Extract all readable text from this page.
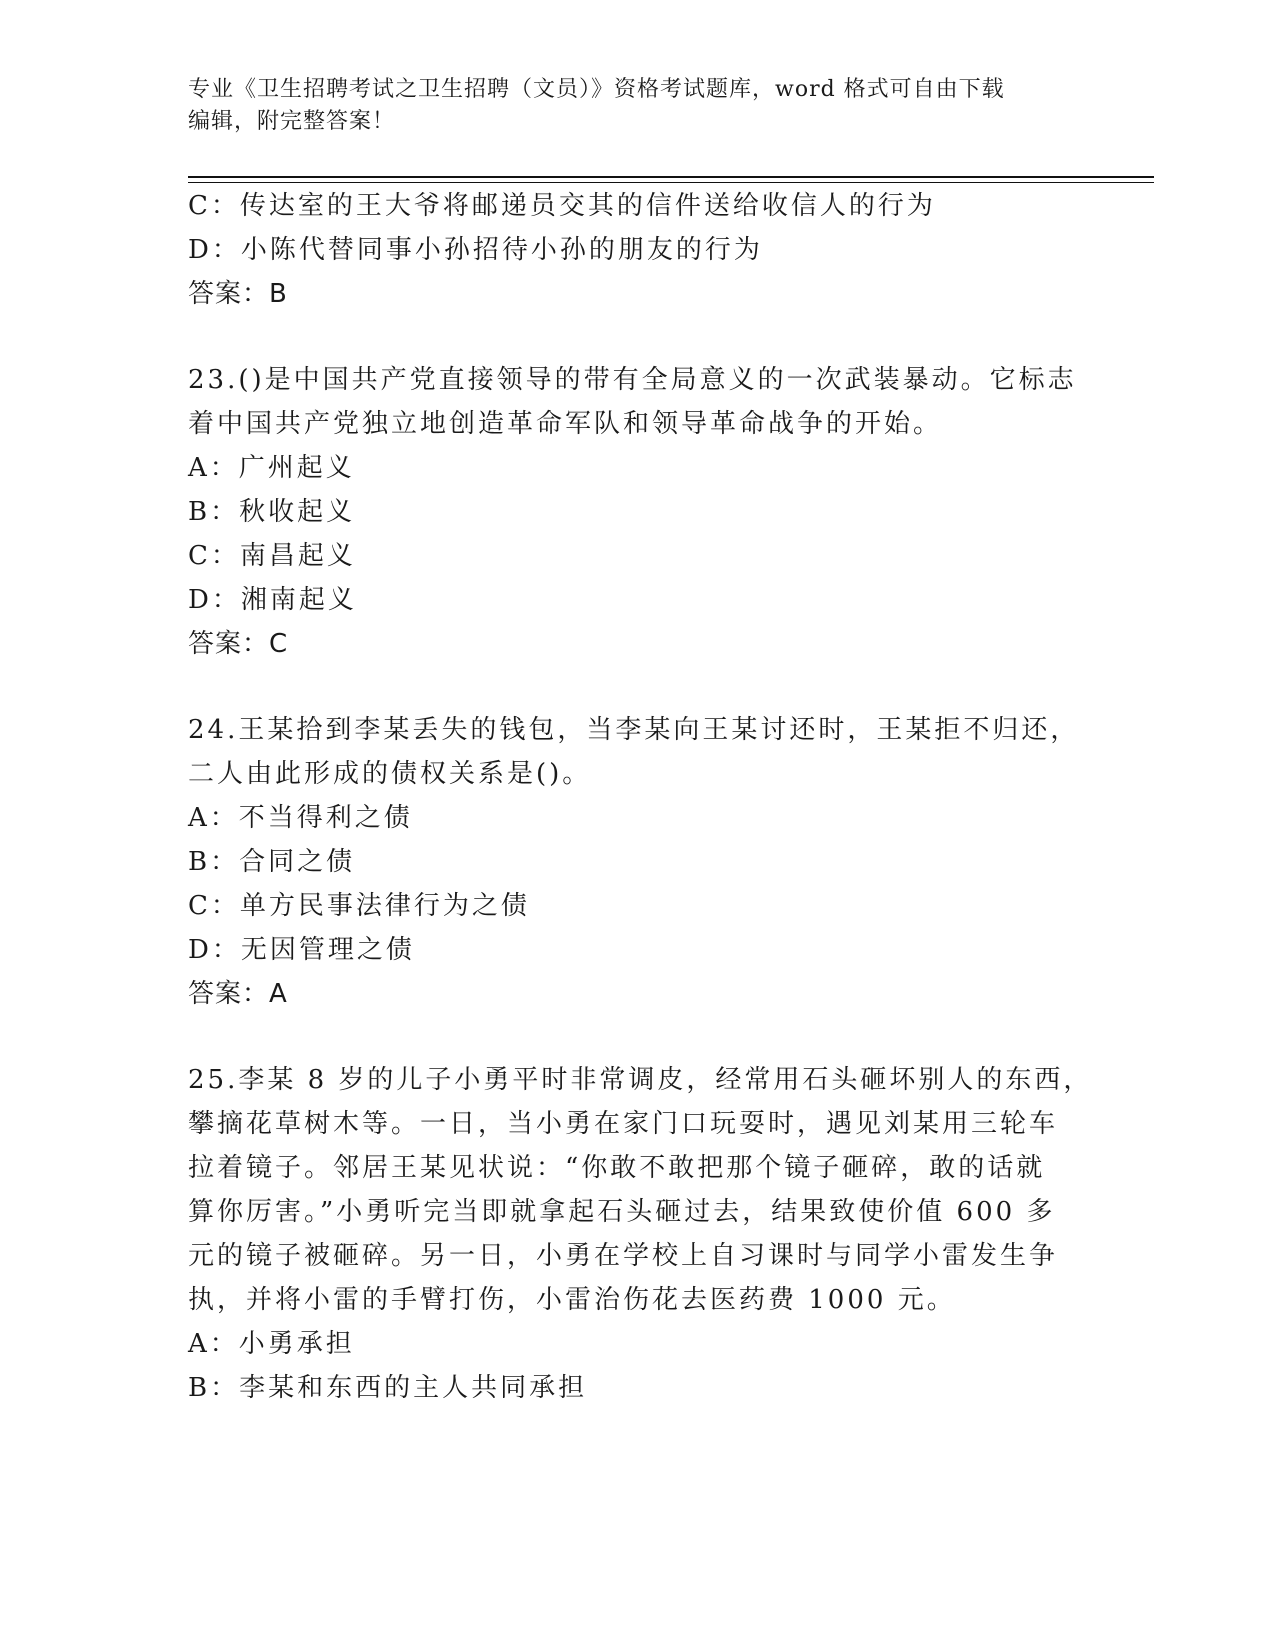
专业《卫生招聘考试之卫生招聘（文员）》资格考试题库，word 格式可自由下载
编辑，附完整答案！
C：传达室的王大爷将邮递员交其的信件送给收信人的行为
D：小陈代替同事小孙招待小孙的朋友的行为
答案：B
23.()是中国共产党直接领导的带有全局意义的一次武装暴动。它标志
着中国共产党独立地创造革命军队和领导革命战争的开始。
A：广州起义
B：秋收起义
C：南昌起义
D：湘南起义
答案：C
24.王某拾到李某丢失的钱包，当李某向王某讨还时，王某拒不归还，
二人由此形成的债权关系是()。
A：不当得利之债
B：合同之债
C：单方民事法律行为之债
D：无因管理之债
答案：A
25.李某 8 岁的儿子小勇平时非常调皮，经常用石头砸坏别人的东西，
攀摘花草树木等。一日，当小勇在家门口玩耍时，遇见刘某用三轮车
拉着镜子。邻居王某见状说：“你敢不敢把那个镜子砸碎，敢的话就
算你厉害。”小勇听完当即就拿起石头砸过去，结果致使价值 600 多
元的镜子被砸碎。另一日，小勇在学校上自习课时与同学小雷发生争
执，并将小雷的手臂打伤，小雷治伤花去医药费 1000 元。
A：小勇承担
B：李某和东西的主人共同承担
